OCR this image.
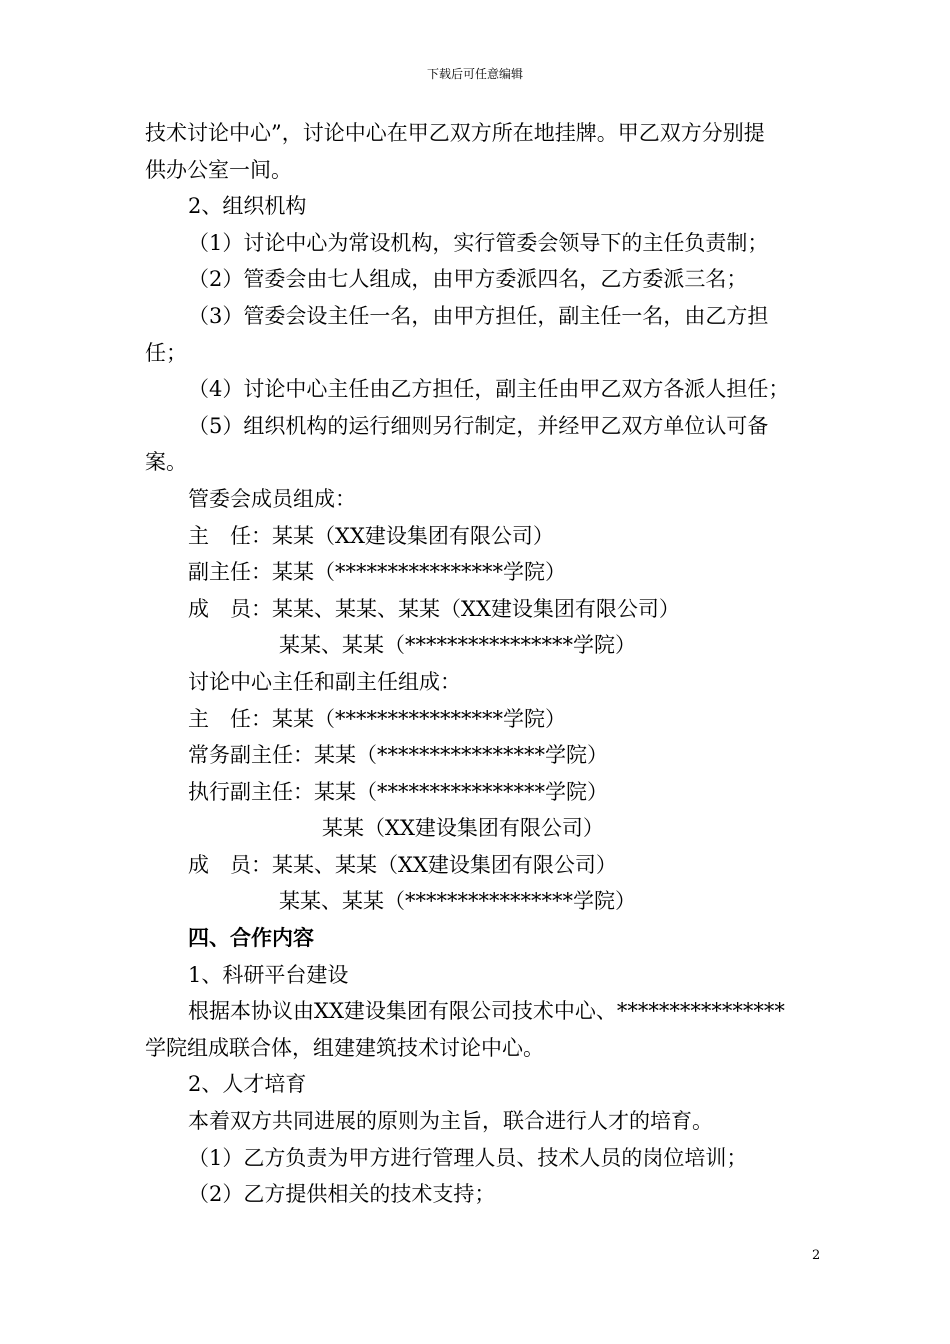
下载后可任意编辑
技术讨论中心”，讨论中心在甲乙双方所在地挂牌。甲乙双方分别提
供办公室一间。
2、组织机构
（1）讨论中心为常设机构，实行管委会领导下的主任负责制；
（2）管委会由七人组成，由甲方委派四名，乙方委派三名；
（3）管委会设主任一名，由甲方担任，副主任一名，由乙方担
任；
（4）讨论中心主任由乙方担任，副主任由甲乙双方各派人担任；
（5）组织机构的运行细则另行制定，并经甲乙双方单位认可备
案。
管委会成员组成：
主　任：某某（XX建设集团有限公司）
副主任：某某（****************学院）
成　员：某某、某某、某某（XX建设集团有限公司）
某某、某某（****************学院）
讨论中心主任和副主任组成：
主　任：某某（****************学院）
常务副主任：某某（****************学院）
执行副主任：某某（****************学院）
某某（XX建设集团有限公司）
成　员：某某、某某（XX建设集团有限公司）
某某、某某（****************学院）
四、合作内容
1、科研平台建设
根据本协议由XX建设集团有限公司技术中心、****************
学院组成联合体，组建建筑技术讨论中心。
2、人才培育
本着双方共同进展的原则为主旨，联合进行人才的培育。
（1）乙方负责为甲方进行管理人员、技术人员的岗位培训；
（2）乙方提供相关的技术支持；
2
